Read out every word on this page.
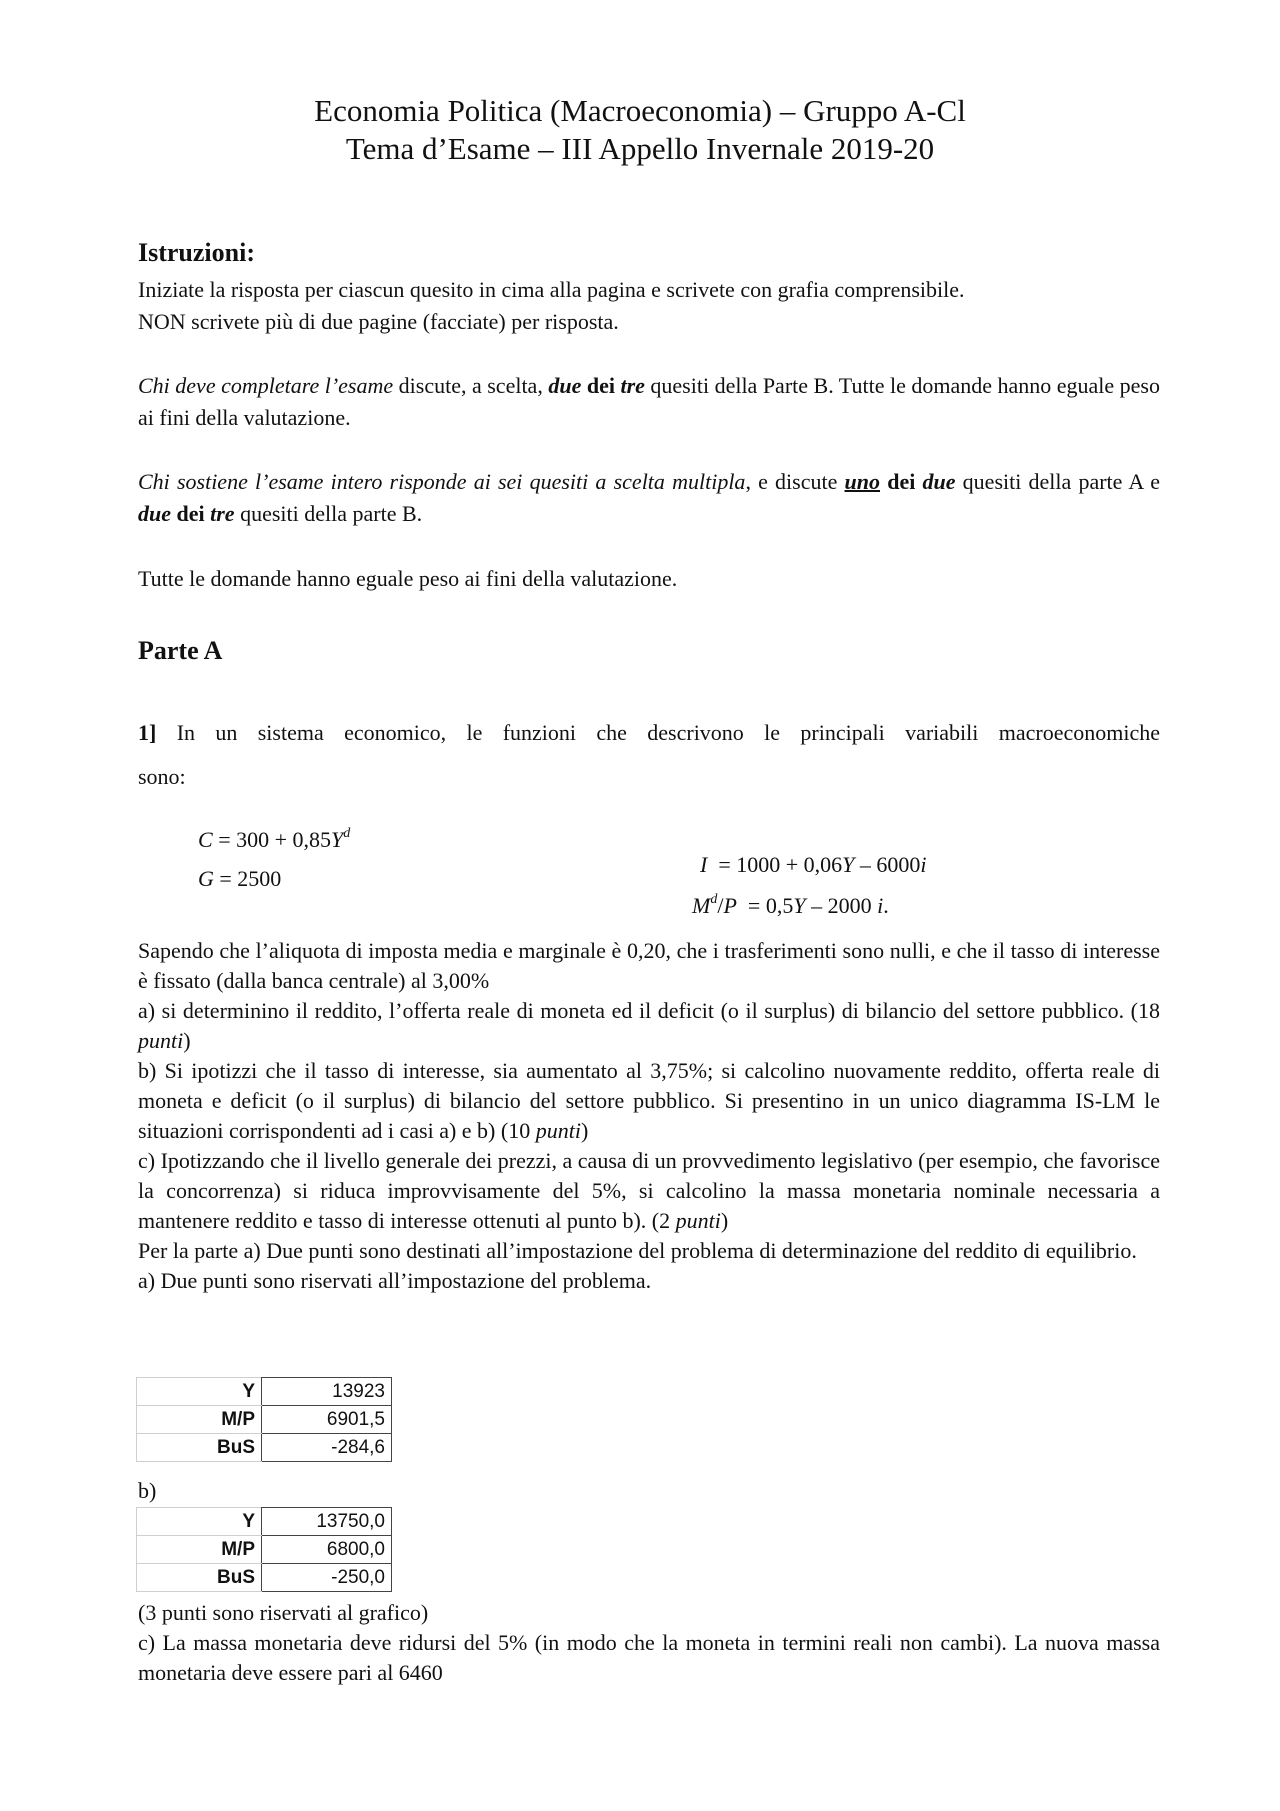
Economia Politica (Macroeconomia) – Gruppo A-Cl
Tema d’Esame – III Appello Invernale 2019-20
Istruzioni:

Iniziate la risposta per ciascun quesito in cima alla pagina e scrivete con grafia comprensibile.

NON scrivete più di due pagine (facciate) per risposta.

Chi deve completare l’esame discute, a scelta, due dei tre quesiti della Parte B. Tutte le domande hanno eguale peso ai fini della valutazione.

Chi sostiene l’esame intero risponde ai sei quesiti a scelta multipla, e discute uno dei due quesiti della parte A e due dei tre quesiti della parte B.

Tutte le domande hanno eguale peso ai fini della valutazione.
Parte A
1] In un sistema economico, le funzioni che descrivono le principali variabili macroeconomiche
sono:
$C = 300 + 0,85Y^d$
G = 2500

I  = 1000 + 0,06Y – 6000i

$M^d/P = 0,5Y - 2000$ i.

Sapendo che l’aliquota di imposta media e marginale è 0,20, che i trasferimenti sono nulli, e che il tasso di interesse è fissato (dalla banca centrale) al 3,00%

a) si determinino il reddito, l’offerta reale di moneta ed il deficit (o il surplus) di bilancio del settore pubblico. (18 punti)

b) Si ipotizzi che il tasso di interesse, sia aumentato al 3,75%; si calcolino nuovamente reddito, offerta reale di moneta e deficit (o il surplus) di bilancio del settore pubblico. Si presentino in un unico diagramma IS-LM le situazioni corrispondenti ad i casi a) e b) (10 punti)

c) Ipotizzando che il livello generale dei prezzi, a causa di un provvedimento legislativo (per esempio, che favorisce la concorrenza) si riduca improvvisamente del 5%, si calcolino la massa monetaria nominale necessaria a mantenere reddito e tasso di interesse ottenuti al punto b). (2 punti)

Per la parte a) Due punti sono destinati all’impostazione del problema di determinazione del reddito di equilibrio.

a) Due punti sono riservati all’impostazione del problema.

Y	13923
M/P	6901,5
BuS	-284,6
b)
Y	13750,0
M/P	6800,0
BuS	-250,0

(3 punti sono riservati al grafico)

c) La massa monetaria deve ridursi del 5% (in modo che la moneta in termini reali non cambi). La nuova massa monetaria deve essere pari al 6460
